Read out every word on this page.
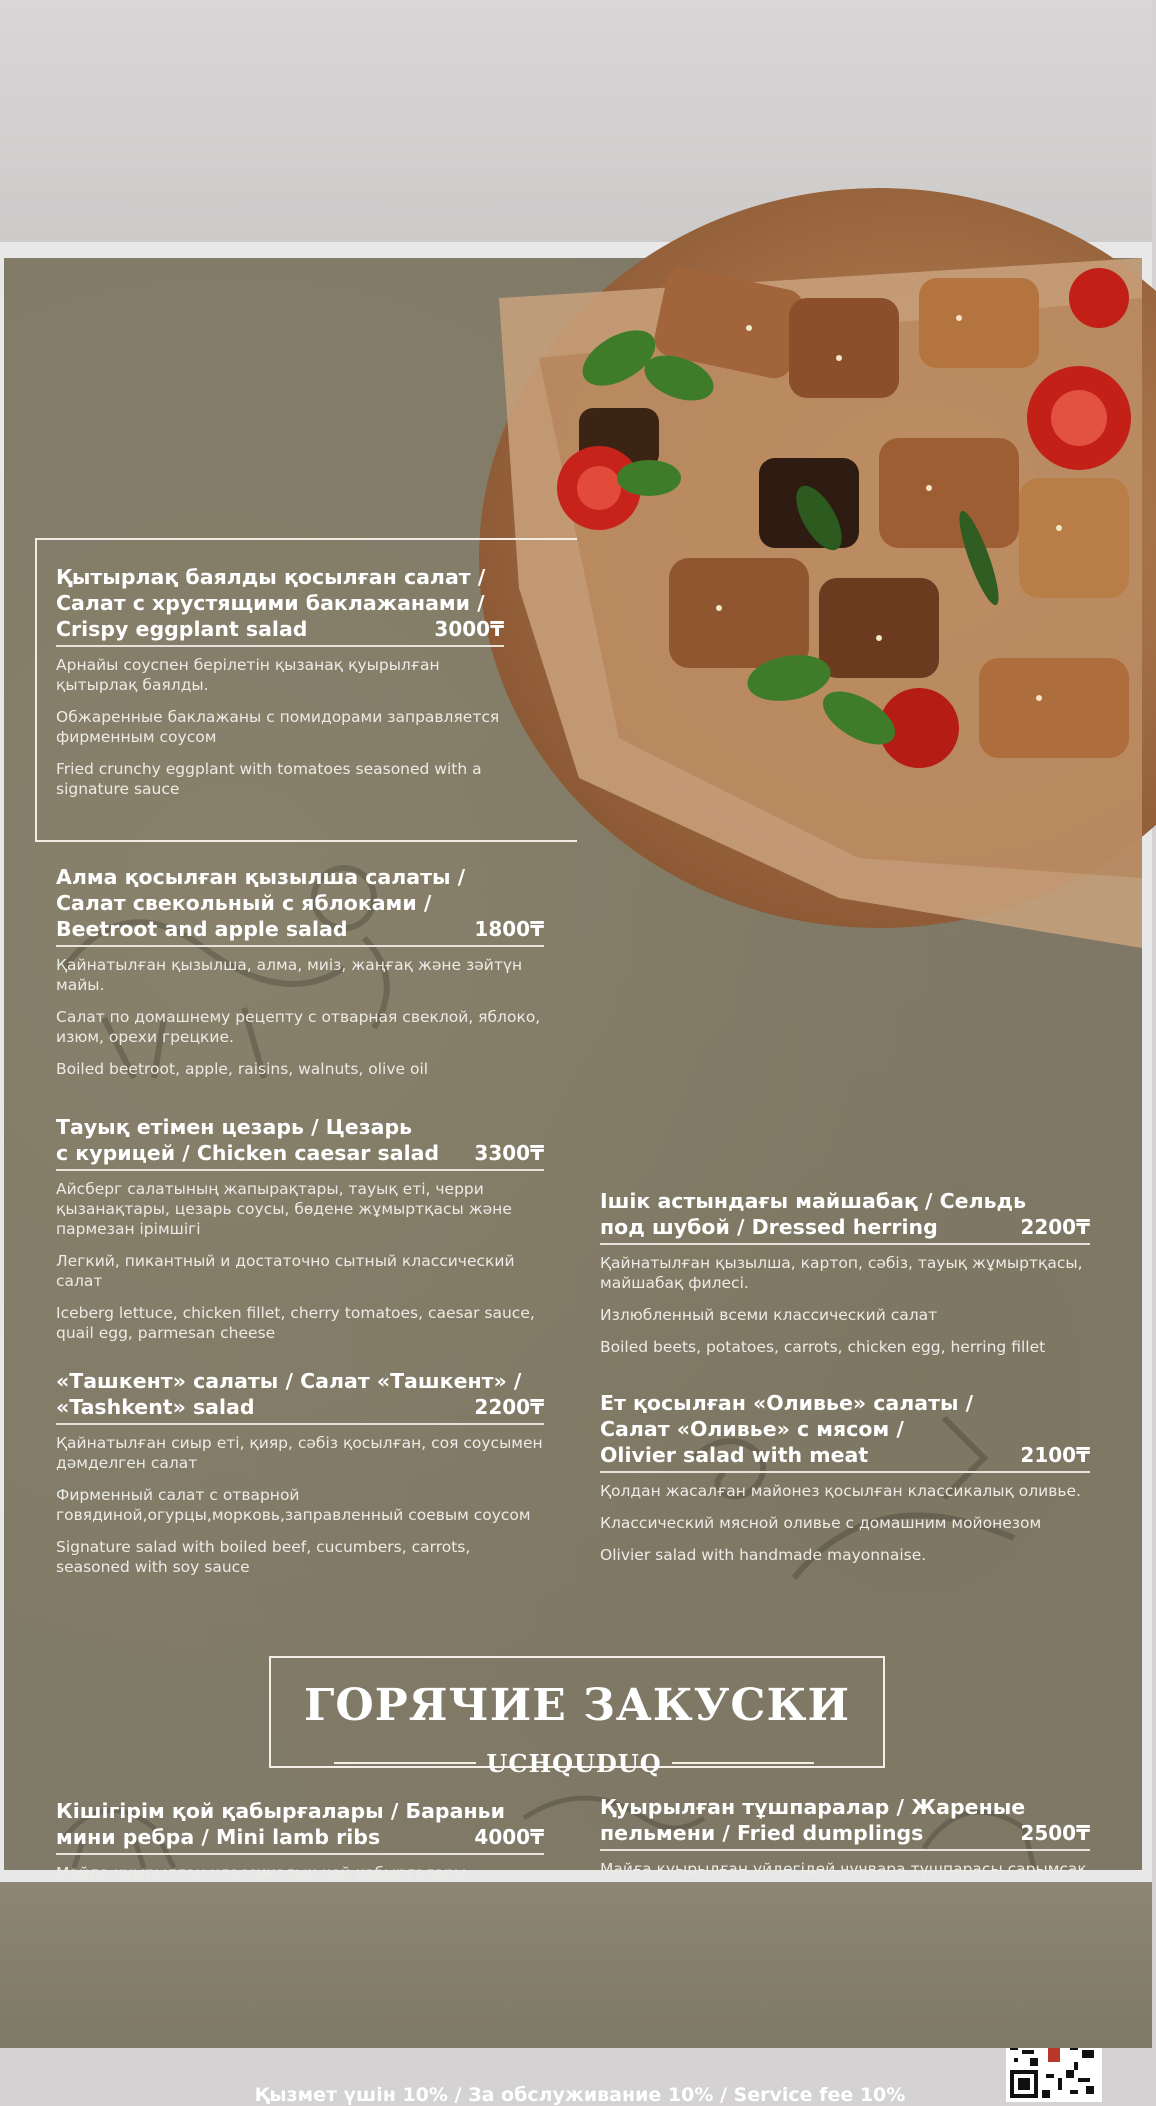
Қытырлақ баялды қосылған салат /
Салат с хрустящими баклажанами /
Crispy eggplant salad	3000₸
Арнайы соуспен берілетін қызанақ қуырылған қытырлақ баялды.
Обжаренные баклажаны с помидорами заправляется фирменным соусом
Fried crunchy eggplant with tomatoes seasoned with a signature sauce
Алма қосылған қызылша салаты /
Салат свекольный с яблоками /
Beetroot and apple salad	1800₸
Қайнатылған қызылша, алма, миіз, жаңғақ және зәйтүн майы.
Салат по домашнему рецепту с отварная свеклой, яблоко, изюм, орехи грецкие.
Boiled beetroot, apple, raisins, walnuts, olive oil
Тауық етімен цезарь / Цезарь
с курицей / Chicken caesar salad 3300₸
Айсберг салатының жапырақтары, тауық еті, черри қызанақтары, цезарь соусы, бөдене жұмыртқасы және пармезан ірімшігі
Легкий, пикантный и достаточно сытный классический салат
Iceberg lettuce, chicken fillet, cherry tomatoes, caesar sauce, quail egg, parmesan cheese
«Ташкент» салаты / Салат «Ташкент» /
«Tashkent» salad	2200₸
Қайнатылған сиыр еті, қияр, сәбіз қосылған, соя соусымен дәмделген салат
Фирменный салат с отварной говядиной,огурцы,морковь,заправленный соевым соусом
Signature salad with boiled beef, cucumbers, carrots, seasoned with soy sauce
Ішік астындағы майшабақ / Сельдь
под шубой / Dressed herring	2200₸
Қайнатылған қызылша, картоп, сәбіз, тауық жұмыртқасы, майшабақ филесі.
Излюбленный всеми классический салат
Boiled beets, potatoes, carrots, chicken egg, herring fillet
Ет қосылған «Оливье» салаты /
Салат «Оливье» с мясом /
Olivier salad with meat	2100₸
Қолдан жасалған майонез қосылған классикалық оливье.
Классический мясной оливье с домашним мойонезом
Olivier salad with handmade mayonnaise.
ГОРЯЧИЕ ЗАКУСКИ
UCHQUDUQ
Кішігірім қой қабырғалары / Бараньи
мини ребра / Mini lamb ribs	4000₸
Майда қуырылған классикалық қой қабырғалары.
Қуырылған тұшпаралар / Жареные
пельмени / Fried dumplings	2500₸
Майға қуырылған үйдегідей чучвара тұшпарасы,сарымсақ
Қызмет үшін 10% / За обслуживание 10% / Service fee 10%
